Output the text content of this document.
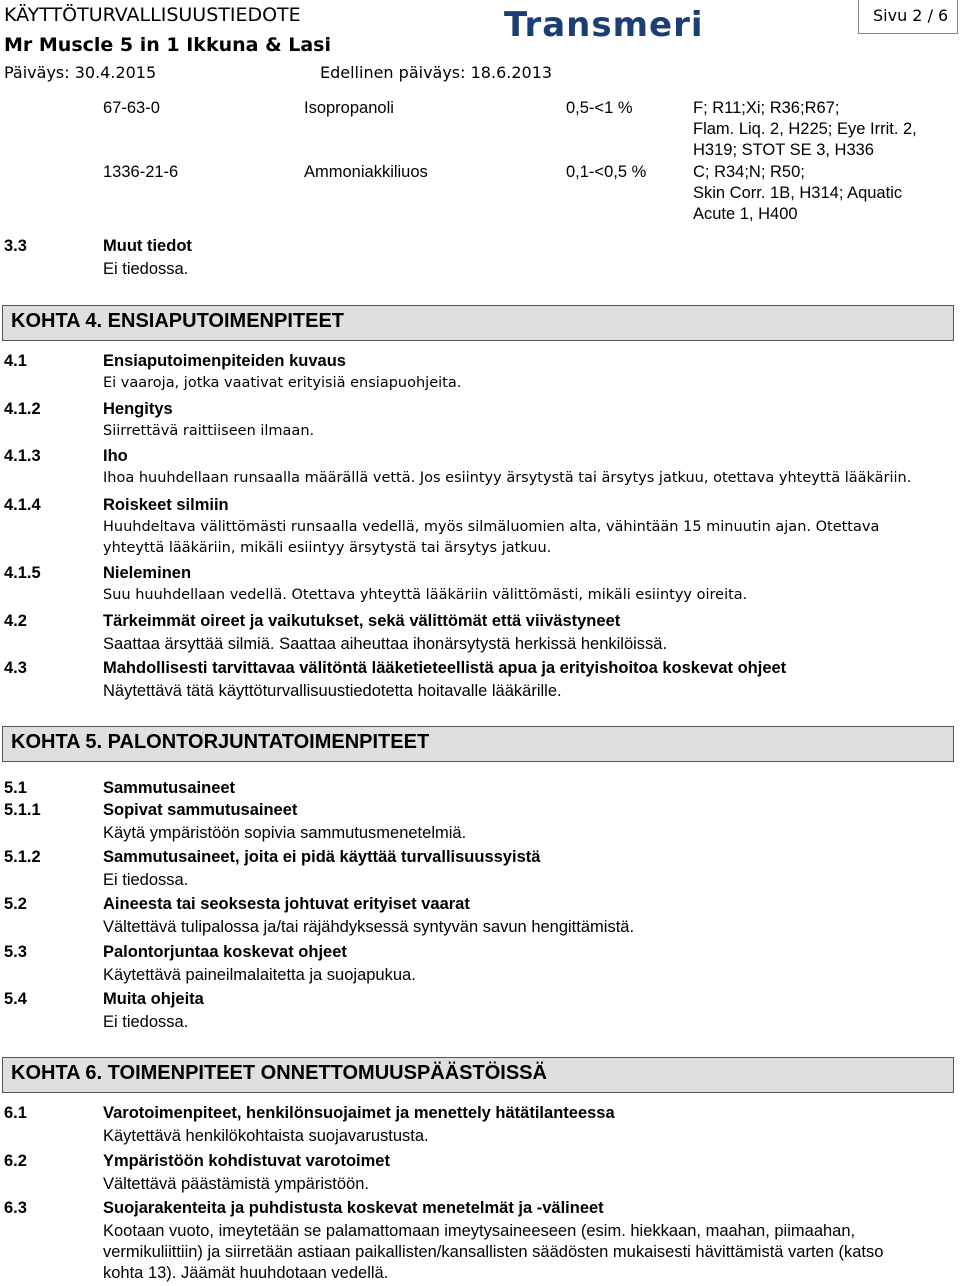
KÄYTTÖTURVALLISUUSTIEDOTE
Mr Muscle 5 in 1 Ikkuna & Lasi
Päiväys: 30.4.2015	Edellinen päiväys: 18.6.2013
Transmeri	Sivu 2 / 6
67-63-0	Isopropanoli	0,5-<1 %	F; R11;Xi; R36;R67;
Flam. Liq. 2, H225; Eye Irrit. 2,
H319; STOT SE 3, H336
1336-21-6	Ammoniakkiliuos	0,1-<0,5 %	C; R34;N; R50;
Skin Corr. 1B, H314; Aquatic
Acute 1, H400
3.3	Muut tiedot
Ei tiedossa.
KOHTA 4. ENSIAPUTOIMENPITEET
4.1	Ensiaputoimenpiteiden kuvaus
Ei vaaroja, jotka vaativat erityisiä ensiapuohjeita.
4.1.2	Hengitys
Siirrettävä raittiiseen ilmaan.
4.1.3	Iho
Ihoa huuhdellaan runsaalla määrällä vettä. Jos esiintyy ärsytystä tai ärsytys jatkuu, otettava yhteyttä lääkäriin.
4.1.4	Roiskeet silmiin
Huuhdeltava välittömästi runsaalla vedellä, myös silmäluomien alta, vähintään 15 minuutin ajan. Otettava
yhteyttä lääkäriin, mikäli esiintyy ärsytystä tai ärsytys jatkuu.
4.1.5	Nieleminen
Suu huuhdellaan vedellä. Otettava yhteyttä lääkäriin välittömästi, mikäli esiintyy oireita.
4.2	Tärkeimmät oireet ja vaikutukset, sekä välittömät että viivästyneet
Saattaa ärsyttää silmiä. Saattaa aiheuttaa ihonärsytystä herkissä henkilöissä.
4.3	Mahdollisesti tarvittavaa välitöntä lääketieteellistä apua ja erityishoitoa koskevat ohjeet
Näytettävä tätä käyttöturvallisuustiedotetta hoitavalle lääkärille.
KOHTA 5. PALONTORJUNTATOIMENPITEET
5.1	Sammutusaineet
5.1.1	Sopivat sammutusaineet
Käytä ympäristöön sopivia sammutusmenetelmiä.
5.1.2	Sammutusaineet, joita ei pidä käyttää turvallisuussyistä
Ei tiedossa.
5.2	Aineesta tai seoksesta johtuvat erityiset vaarat
Vältettävä tulipalossa ja/tai räjähdyksessä syntyvän savun hengittämistä.
5.3	Palontorjuntaa koskevat ohjeet
Käytettävä paineilmalaitetta ja suojapukua.
5.4	Muita ohjeita
Ei tiedossa.
KOHTA 6. TOIMENPITEET ONNETTOMUUSPÄÄSTÖISSÄ
6.1	Varotoimenpiteet, henkilönsuojaimet ja menettely hätätilanteessa
Käytettävä henkilökohtaista suojavarustusta.
6.2	Ympäristöön kohdistuvat varotoimet
Vältettävä päästämistä ympäristöön.
6.3	Suojarakenteita ja puhdistusta koskevat menetelmät ja -välineet
Kootaan vuoto, imeytetään se palamattomaan imeytysaineeseen (esim. hiekkaan, maahan, piimaahan,
vermikuliittiin) ja siirretään astiaan paikallisten/kansallisten säädösten mukaisesti hävittämistä varten (katso
kohta 13). Jäämät huuhdotaan vedellä.
